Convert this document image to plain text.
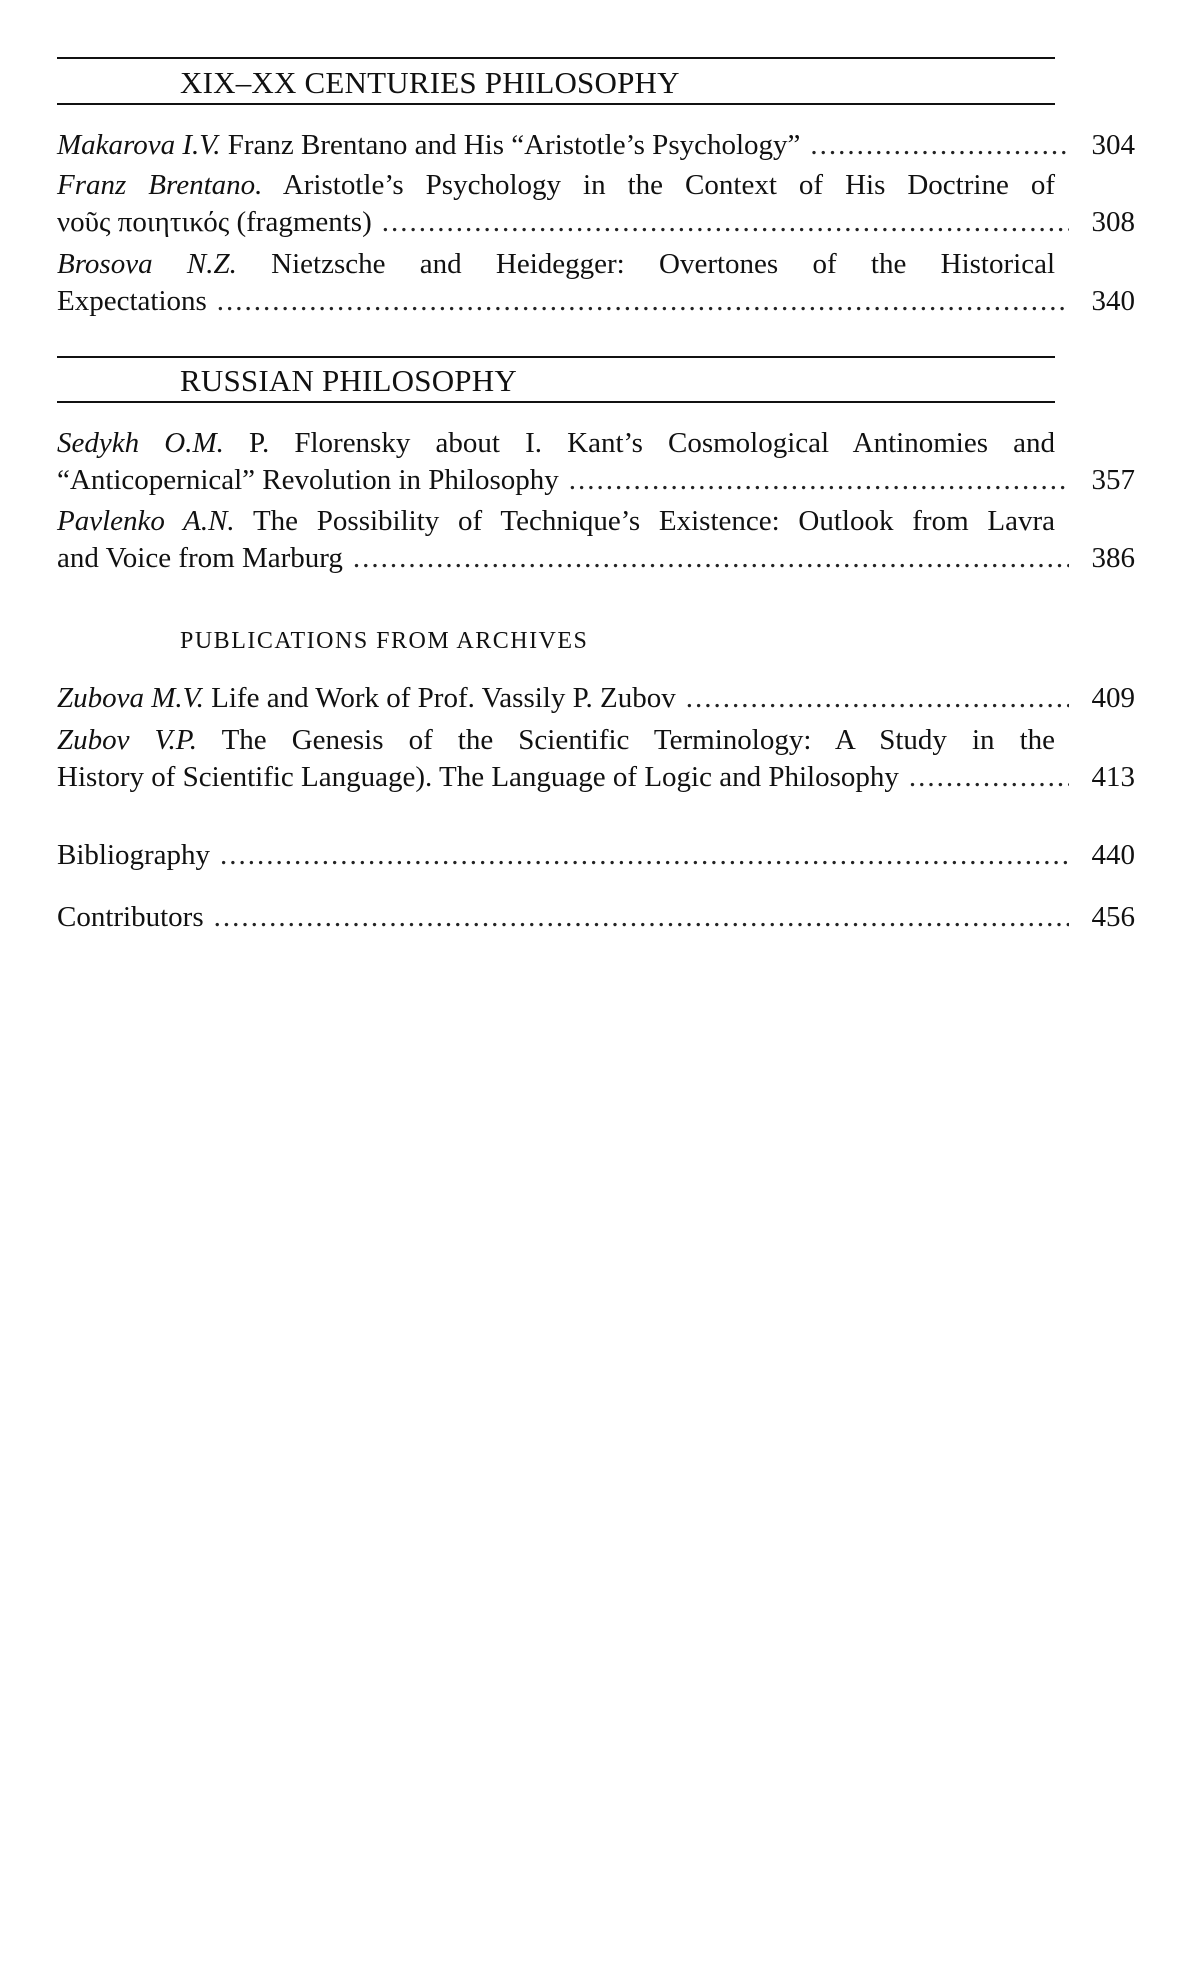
XIX–XX CENTURIES PHILOSOPHY
Makarova I.V. Franz Brentano and His “Aristotle’s Psychology” .....	304
Franz Brentano. Aristotle’s Psychology in the Context of His Doctrine of
νοῦς ποιητικός (fragments) .....	308
Brosova N.Z. Nietzsche and Heidegger: Overtones of the Historical
Expectations .....	340
RUSSIAN PHILOSOPHY
Sedykh O.M. P. Florensky about I. Kant’s Cosmological Antinomies and
“Anticopernical” Revolution in Philosophy .....	357
Pavlenko A.N. The Possibility of Technique’s Existence: Outlook from Lavra
and Voice from Marburg .....	386
PUBLICATIONS FROM ARCHIVES
Zubova M.V. Life and Work of Prof. Vassily P. Zubov .....	409
Zubov V.P. The Genesis of the Scientific Terminology: A Study in the
History of Scientific Language). The Language of Logic and Philosophy .....	413
Bibliography .....	440
Contributors .....	456
